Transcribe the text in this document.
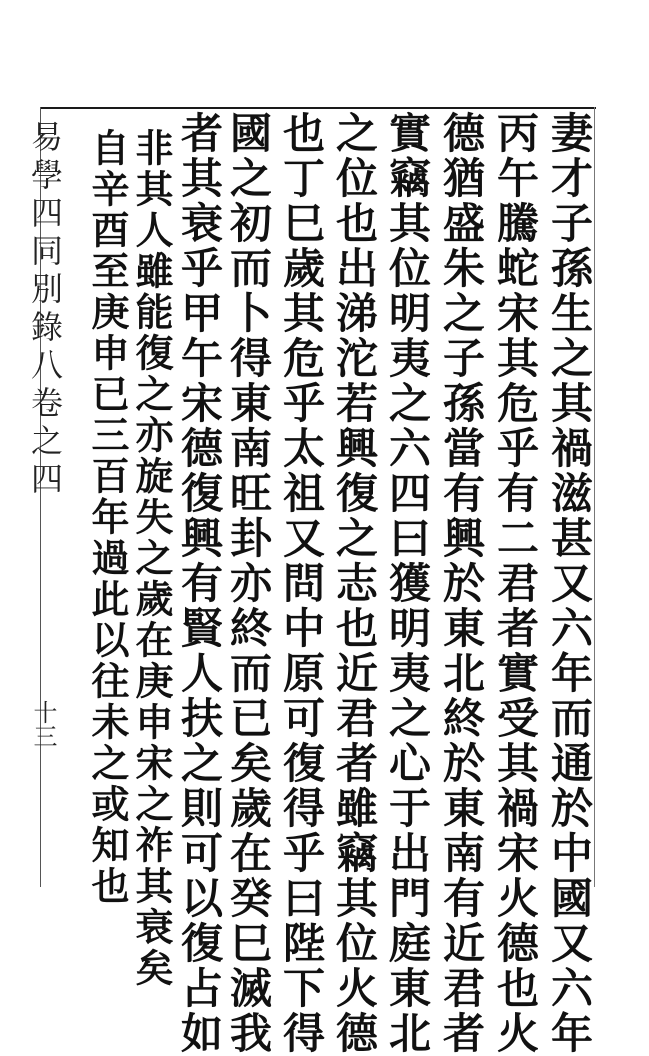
妻才子孫生之其禍滋甚又六年而通於中國又六年
丙午騰蛇宋其危乎有二君者實受其禍宋火德也火
德猶盛朱之子孫當有興於東北終於東南有近君者
實竊其位明夷之六四曰獲明夷之心于出門庭東北
之位也出涕沱若興復之志也近君者雖竊其位火德
也丁巳歲其危乎太祖又問中原可復得乎曰陛下得
國之初而卜得東南旺卦亦終而已矣歲在癸巳滅我
者其衰乎甲午宋德復興有賢人扶之則可以復占如
非其人雖能復之亦旋失之歲在庚申宋之祚其衰矣
自辛酉至庚申已三百年過此以往未之或知也
易學四同別錄八卷之四
十三
